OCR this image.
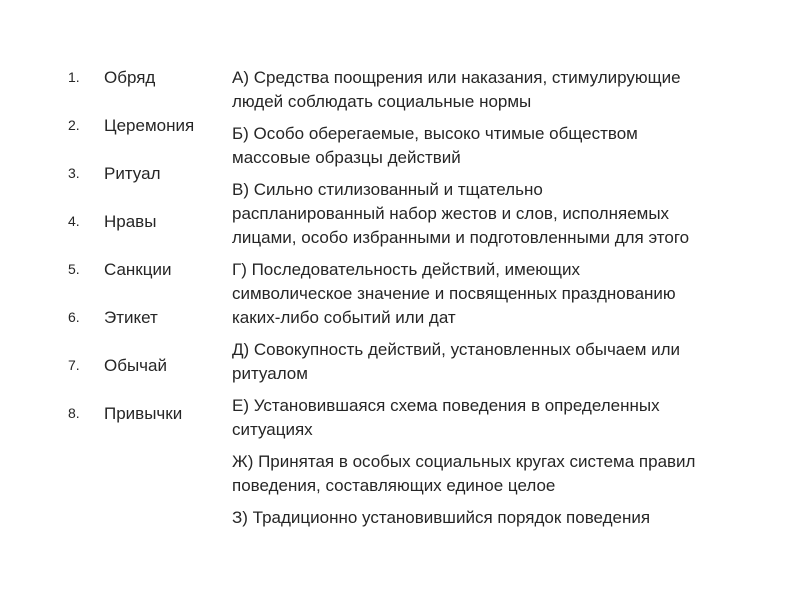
1. Обряд
2. Церемония
3. Ритуал
4. Нравы
5. Санкции
6. Этикет
7. Обычай
8. Привычки
А) Средства поощрения или наказания, стимулирующие
людей соблюдать социальные нормы
Б) Особо оберегаемые, высоко чтимые обществом
массовые образцы действий
В) Сильно стилизованный и тщательно
распланированный набор жестов и слов, исполняемых
лицами, особо избранными и подготовленными для этого
Г) Последовательность действий, имеющих
символическое значение и посвященных празднованию
каких-либо событий или дат
Д) Совокупность действий, установленных обычаем или
ритуалом
Е) Установившаяся схема поведения в определенных
ситуациях
Ж) Принятая в особых социальных кругах система правил
поведения, составляющих единое целое
З) Традиционно установившийся порядок поведения
